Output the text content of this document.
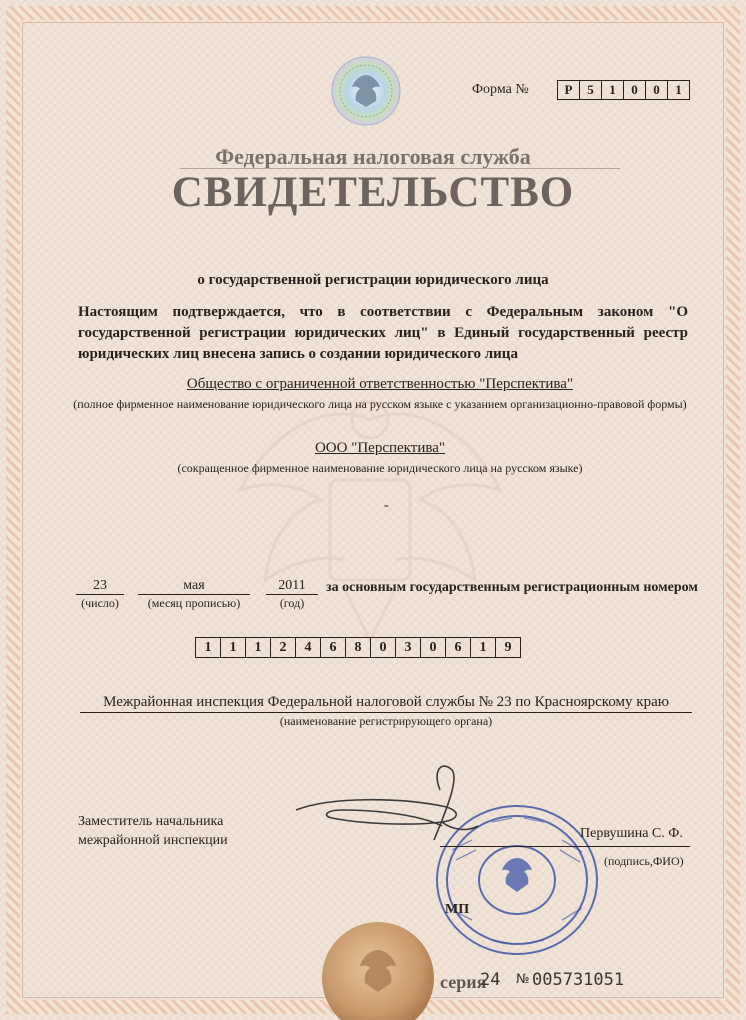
Форма №	Р	5	1	0	0	1
Федеральная налоговая служба
СВИДЕТЕЛЬСТВО
о государственной регистрации юридического лица
Настоящим подтверждается, что в соответствии с Федеральным законом "О государственной регистрации юридических лиц" в Единый государственный реестр юридических лиц внесена запись о создании юридического лица
Общество с ограниченной ответственностью "Перспектива"
(полное фирменное наименование юридического лица на русском языке с указанием организационно-правовой формы)
ООО "Перспектива"
(сокращенное фирменное наименование юридического лица на русском языке)
-
23
(число)
мая
(месяц прописью)
2011
(год)
за основным государственным регистрационным номером
1	1	1	2	4	6	8	0	3	0	6	1	9
Межрайонная инспекция Федеральной налоговой службы № 23 по Красноярскому краю
(наименование регистрирующего органа)
Заместитель начальника
межрайонной инспекции	Первушина С. Ф.
(подпись,ФИО)
МП
серия
24 № 005731051
